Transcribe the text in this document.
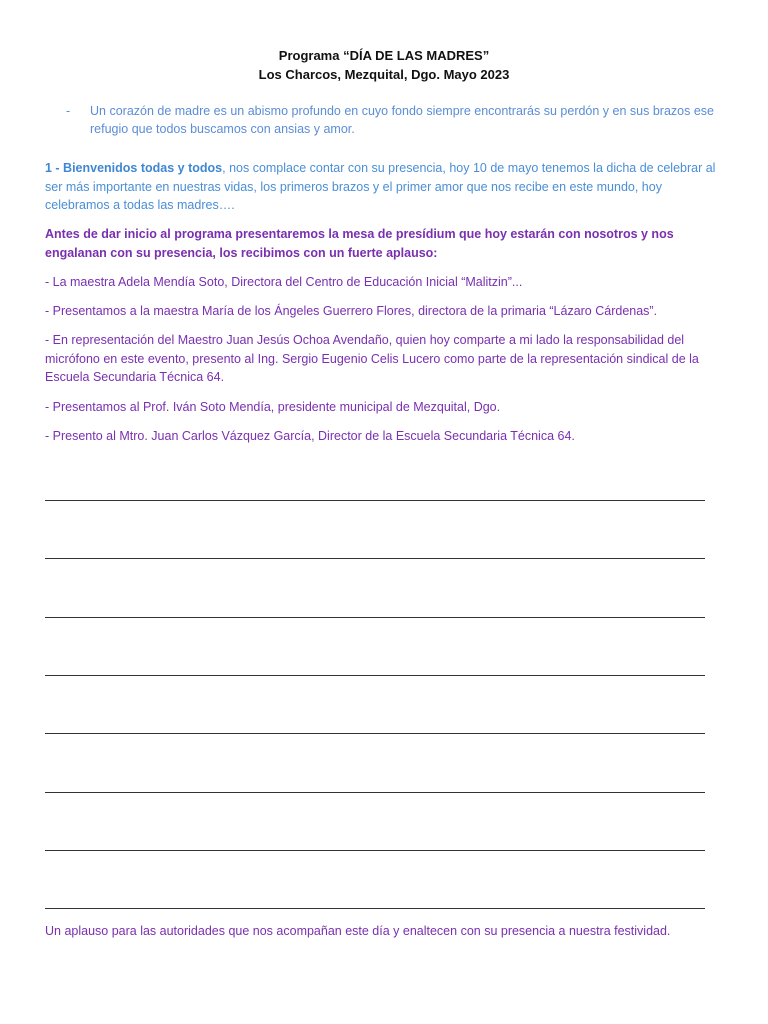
Programa “DÍA DE LAS MADRES”
Los Charcos, Mezquital, Dgo. Mayo 2023
- Un corazón de madre es un abismo profundo en cuyo fondo siempre encontrarás su perdón y en sus brazos ese refugio que todos buscamos con ansias y amor.
1 - Bienvenidos todas y todos, nos complace contar con su presencia, hoy 10 de mayo tenemos la dicha de celebrar al ser más importante en nuestras vidas, los primeros brazos y el primer amor que nos recibe en este mundo, hoy celebramos a todas las madres….
Antes de dar inicio al programa presentaremos la mesa de presídium que hoy estarán con nosotros y nos engalanan con su presencia, los recibimos con un fuerte aplauso:
- La maestra Adela Mendía Soto, Directora del Centro de Educación Inicial “Malitzin”...
- Presentamos a la maestra María de los Ángeles Guerrero Flores, directora de la primaria “Lázaro Cárdenas”.
- En representación del Maestro Juan Jesús Ochoa Avendaño, quien hoy comparte a mi lado la responsabilidad del micrófono en este evento, presento al Ing. Sergio Eugenio Celis Lucero como parte de la representación sindical de la Escuela Secundaria Técnica 64.
- Presentamos al Prof. Iván Soto Mendía, presidente municipal de Mezquital, Dgo.
- Presento al Mtro. Juan Carlos Vázquez García, Director de la Escuela Secundaria Técnica 64.
Un aplauso para las autoridades que nos acompañan este día y enaltecen con su presencia a nuestra festividad.
